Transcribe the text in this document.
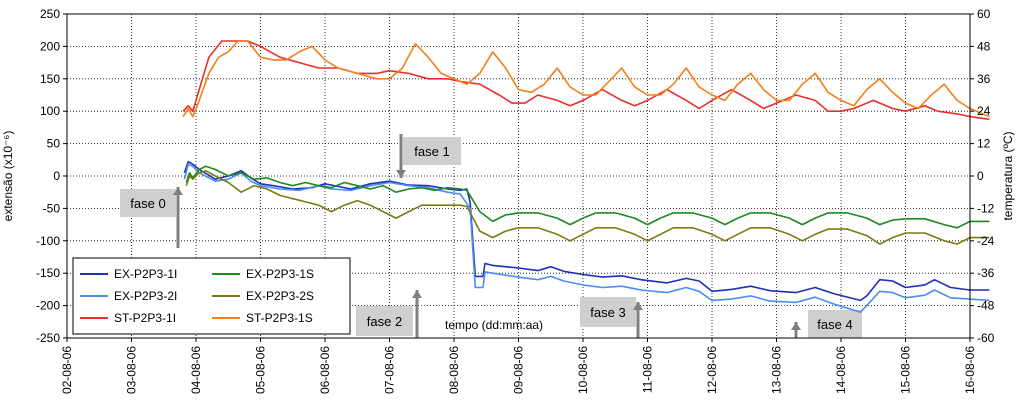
fase 0
fase 1
fase 2
fase 3
fase 4
250
200
150
100
50
0
-50
-100
-150
-200
-250
60
48
36
24
12
0
-12
-24
-36
-48
-60
02-08-06	03-08-06	04-08-06	05-08-06	06-08-06	07-08-06	08-08-06	09-08-06	10-08-06	11-08-06	12-08-06	13-08-06	14-08-06	15-08-06	16-08-06
extensão (x10⁻⁶)	temperatura (ºC)
tempo (dd:mm:aa)
EX-P2P3-1I
EX-P2P3-2I
ST-P2P3-1I
EX-P2P3-1S
EX-P2P3-2S
ST-P2P3-1S
